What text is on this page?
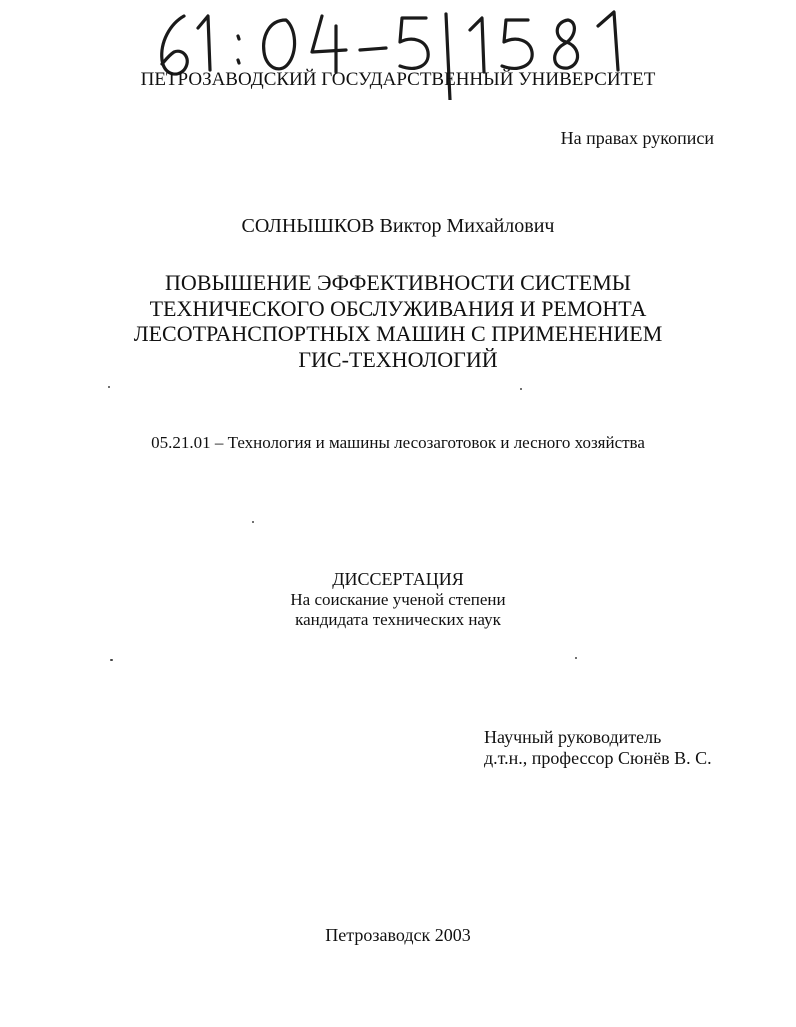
ПЕТРОЗАВОДСКИЙ ГОСУДАРСТВЕННЫЙ УНИВЕРСИТЕТ
На правах рукописи
СОЛНЫШКОВ Виктор Михайлович
ПОВЫШЕНИЕ ЭФФЕКТИВНОСТИ СИСТЕМЫ
ТЕХНИЧЕСКОГО ОБСЛУЖИВАНИЯ И РЕМОНТА
ЛЕСОТРАНСПОРТНЫХ МАШИН С ПРИМЕНЕНИЕМ
ГИС-ТЕХНОЛОГИЙ
05.21.01 – Технология и машины лесозаготовок и лесного хозяйства
ДИССЕРТАЦИЯ
На соискание ученой степени
кандидата технических наук
Научный руководитель
д.т.н., профессор Сюнёв В. С.
Петрозаводск 2003
